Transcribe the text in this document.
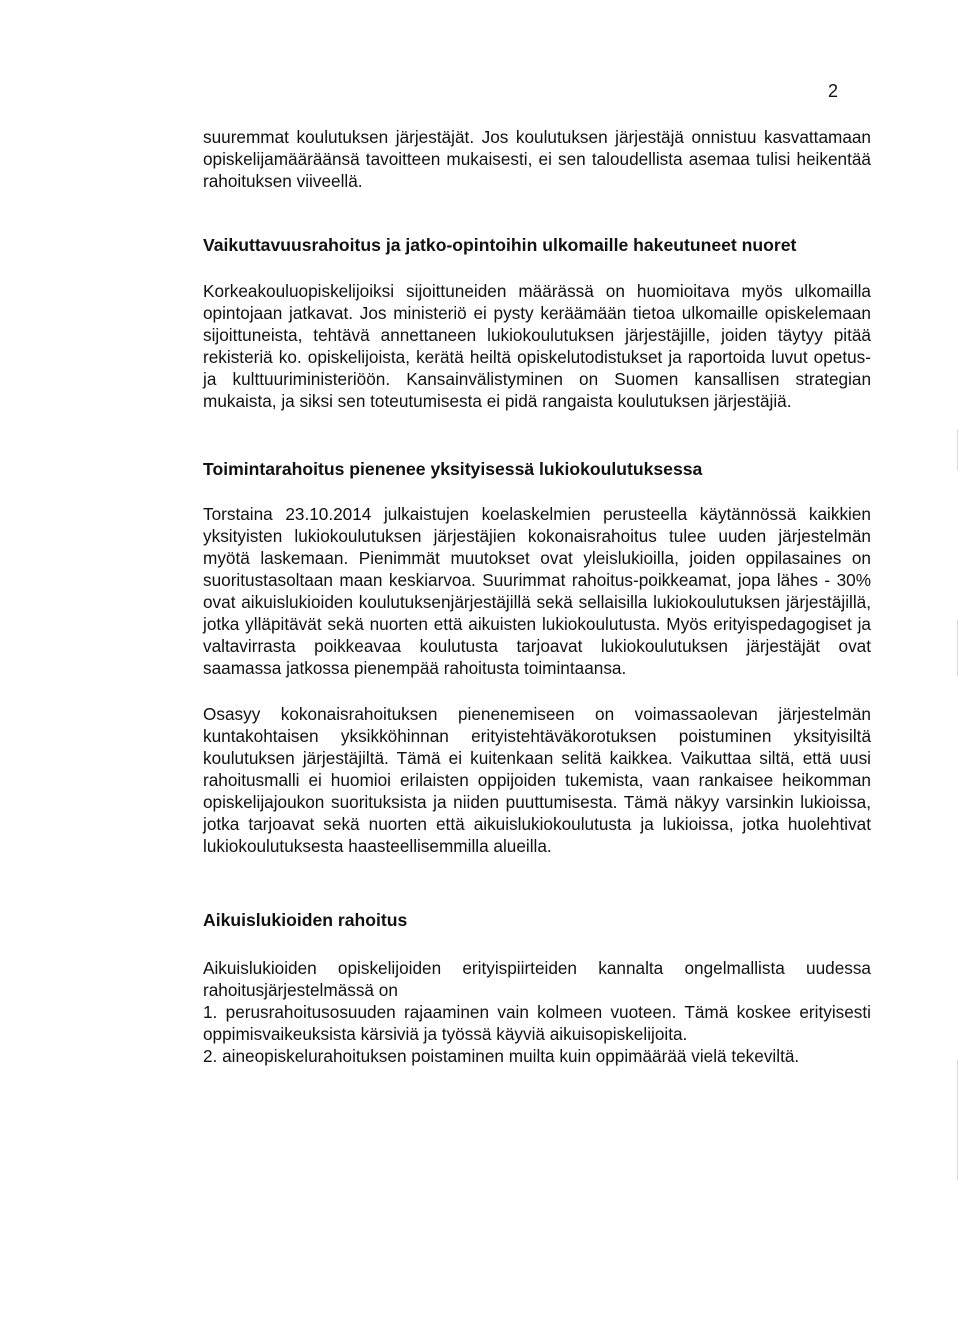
2

suuremmat koulutuksen järjestäjät. Jos koulutuksen järjestäjä onnistuu kasvattamaan opiskelijamääräänsä tavoitteen mukaisesti, ei sen taloudellista asemaa tulisi heikentää rahoituksen viiveellä.

Vaikuttavuusrahoitus ja jatko-opintoihin ulkomaille hakeutuneet nuoret

Korkeakouluopiskelijoiksi sijoittuneiden määrässä on huomioitava myös ulkomailla opintojaan jatkavat. Jos ministeriö ei pysty keräämään tietoa ulkomaille opiskelemaan sijoittuneista, tehtävä annettaneen lukiokoulutuksen järjestäjille, joiden täytyy pitää rekisteriä ko. opiskelijoista, kerätä heiltä opiskelutodistukset ja raportoida luvut opetus- ja kulttuuriministeriöön. Kansainvälistyminen on Suomen kansallisen strategian mukaista, ja siksi sen toteutumisesta ei pidä rangaista koulutuksen järjestäjiä.

Toimintarahoitus pienenee yksityisessä lukiokoulutuksessa

Torstaina 23.10.2014 julkaistujen koelaskelmien perusteella käytännössä kaikkien yksityisten lukiokoulutuksen järjestäjien kokonaisrahoitus tulee uuden järjestelmän myötä laskemaan. Pienimmät muutokset ovat yleislukioilla, joiden oppilasaines on suoritustasoltaan maan keskiarvoa. Suurimmat rahoitus-poikkeamat, jopa lähes - 30% ovat aikuislukioiden koulutuksenjärjestäjillä sekä sellaisilla lukiokoulutuksen järjestäjillä, jotka ylläpitävät sekä nuorten että aikuisten lukiokoulutusta. Myös erityispedagogiset ja valtavirrasta poikkeavaa koulutusta tarjoavat lukiokoulutuksen järjestäjät ovat saamassa jatkossa pienempää rahoitusta toimintaansa.

Osasyy kokonaisrahoituksen pienenemiseen on voimassaolevan järjestelmän kuntakohtaisen yksikköhinnan erityistehtäväkorotuksen poistuminen yksityisiltä koulutuksen järjestäjiltä. Tämä ei kuitenkaan selitä kaikkea. Vaikuttaa siltä, että uusi rahoitusmalli ei huomioi erilaisten oppijoiden tukemista, vaan rankaisee heikomman opiskelijajoukon suorituksista ja niiden puuttumisesta. Tämä näkyy varsinkin lukioissa, jotka tarjoavat sekä nuorten että aikuislukiokoulutusta ja lukioissa, jotka huolehtivat lukiokoulutuksesta haasteellisemmilla alueilla.

Aikuislukioiden rahoitus

Aikuislukioiden opiskelijoiden erityispiirteiden kannalta ongelmallista uudessa rahoitusjärjestelmässä on

1. perusrahoitusosuuden rajaaminen vain kolmeen vuoteen. Tämä koskee erityisesti oppimisvaikeuksista kärsiviä ja työssä käyviä aikuisopiskelijoita.

2. aineopiskelurahoituksen poistaminen muilta kuin oppimäärää vielä tekeviltä.
